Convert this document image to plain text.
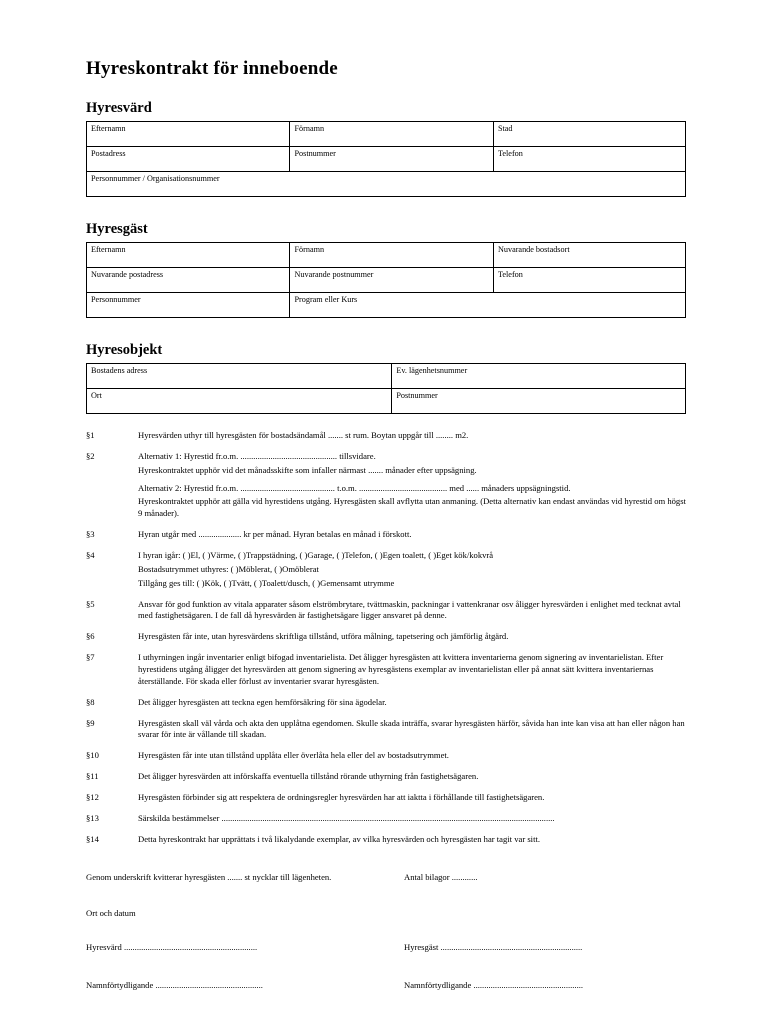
Hyreskontrakt för inneboende
Hyresvärd
Efternamn	Förnamn	Stad

Postadress	Postnummer	Telefon

Personnummer / Organisationsnummer		
Hyresgäst
Efternamn	Förnamn	Nuvarande bostadsort

Nuvarande postadress	Nuvarande postnummer	Telefon

Personnummer	Program eller Kurs	
Hyresobjekt
Bostadens adress	Ev. lägenhetsnummer

Ort	Postnummer
§1	Hyresvärden uthyr till hyresgästen för bostadsändamål ....... st rum. Boytan uppgår till ........ m2.

§2	Alternativ 1: Hyrestid fr.o.m. ............................................. tillsvidare.

Hyreskontraktet upphör vid det månadsskifte som infaller närmast ....... månader efter uppsägning.

Alternativ 2: Hyrestid fr.o.m. ............................................ t.o.m. ......................................... med ...... månaders uppsägningstid.

Hyreskontraktet upphör att gälla vid hyrestidens utgång. Hyresgästen skall avflytta utan anmaning. (Detta alternativ kan endast användas vid hyrestid om högst 9 månader).

§3	Hyran utgår med .................... kr per månad. Hyran betalas en månad i förskott.

§4	I hyran igår: ( )El, ( )Värme, ( )Trappstädning, ( )Garage, ( )Telefon, ( )Egen toalett, ( )Eget kök/kokvrå

Bostadsutrymmet uthyres: ( )Möblerat, ( )Omöblerat

Tillgång ges till: ( )Kök, ( )Tvätt, ( )Toalett/dusch, ( )Gemensamt utrymme

§5	Ansvar för god funktion av vitala apparater såsom elströmbrytare, tvättmaskin, packningar i vattenkranar osv åligger hyresvärden i enlighet med tecknat avtal med fastighetsägaren. I de fall då hyresvärden är fastighetsägare ligger ansvaret på denne.

§6	Hyresgästen får inte, utan hyresvärdens skriftliga tillstånd, utföra målning, tapetsering och jämförlig åtgärd.

§7	I uthyrningen ingår inventarier enligt bifogad inventarielista. Det åligger hyresgästen att kvittera inventarierna genom signering av inventarielistan. Efter hyrestidens utgång åligger det hyresvärden att genom signering av hyresgästens exemplar av inventarielistan eller på annat sätt kvittera inventariernas återställande. För skada eller förlust av inventarier svarar hyresgästen.

§8	Det åligger hyresgästen att teckna egen hemförsäkring för sina ägodelar.

§9	Hyresgästen skall väl vårda och akta den upplåtna egendomen. Skulle skada inträffa, svarar hyresgästen härför, såvida han inte kan visa att han eller någon han svarar för inte är vållande till skadan.

§10	Hyresgästen får inte utan tillstånd upplåta eller överlåta hela eller del av bostadsutrymmet.

§11	Det åligger hyresvärden att införskaffa eventuella tillstånd rörande uthyrning från fastighetsägaren.

§12	Hyresgästen förbinder sig att respektera de ordningsregler hyresvärden har att iaktta i förhållande till fastighetsägaren.

§13	Särskilda bestämmelser ...........................................................................................................................................................

§14	Detta hyreskontrakt har upprättats i två likalydande exemplar, av vilka hyresvärden och hyresgästen har tagit var sitt.

Genom underskrift kvitterar hyresgästen ....... st nycklar till lägenheten.	Antal bilagor ............
Ort och datum
Hyresvärd ..............................................................	Hyresgäst ..................................................................
Namnförtydligande ..................................................	Namnförtydligande ...................................................
